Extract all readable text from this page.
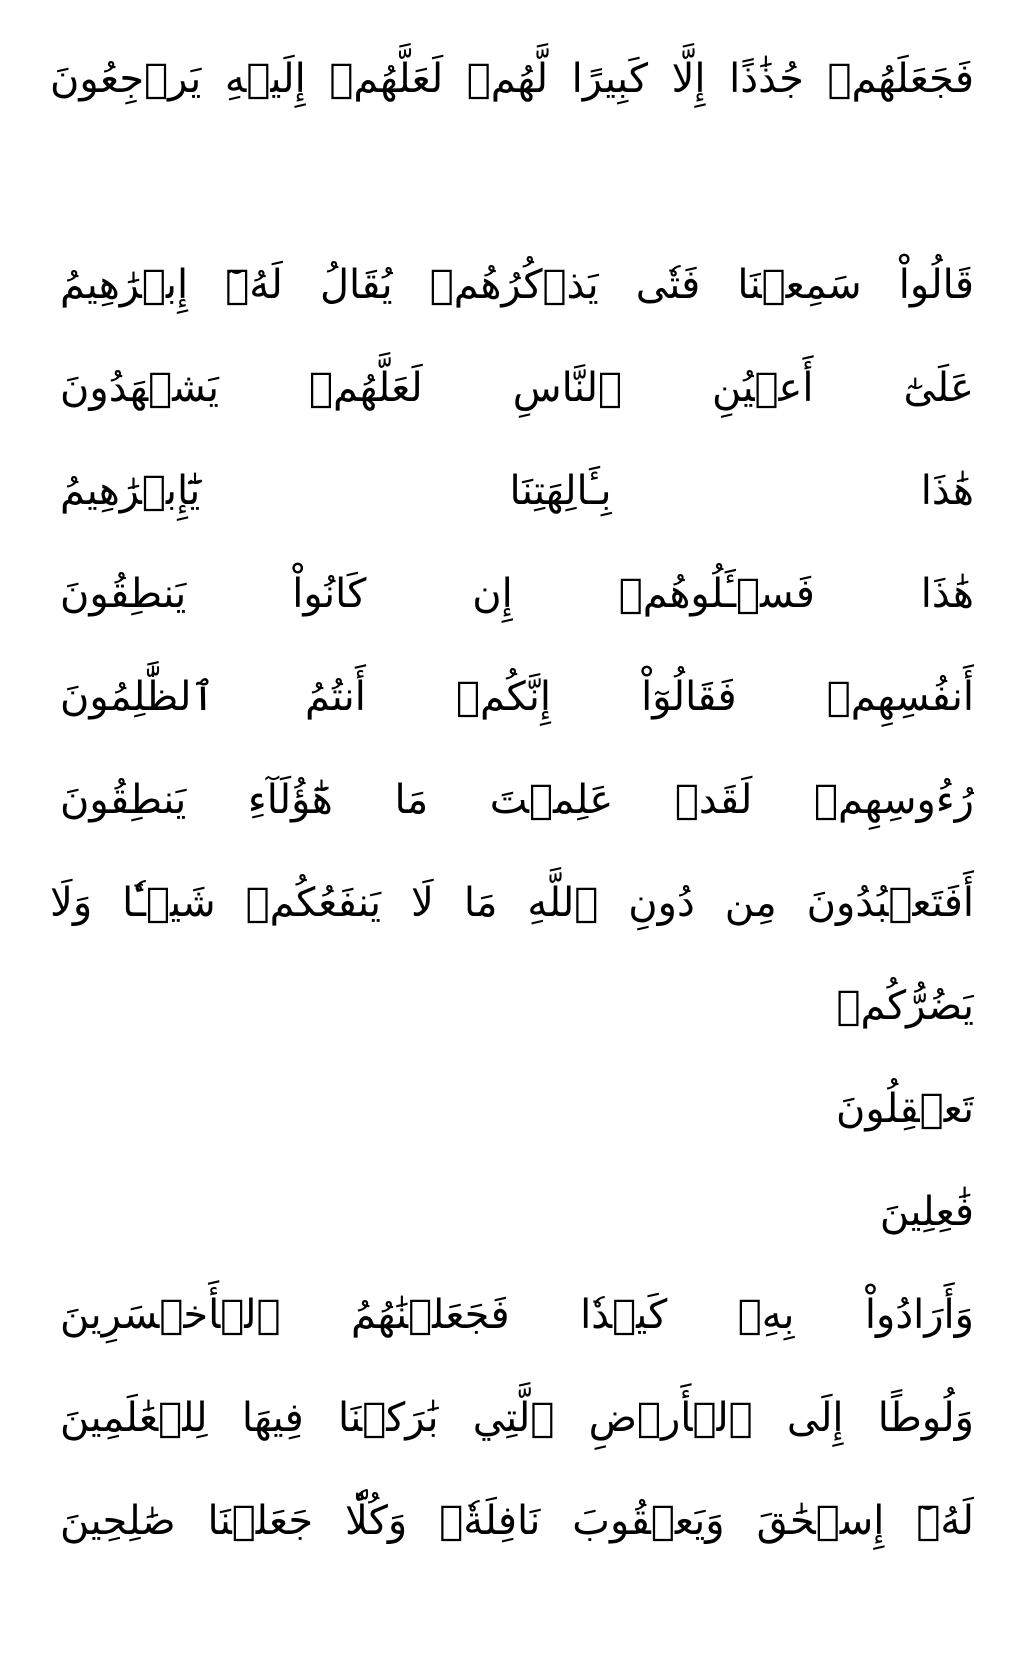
فَجَعَلَهُمۡ جُذَٰذًا إِلَّا كَبِيرًا لَّهُمۡ لَعَلَّهُمۡ إِلَيۡهِ يَرۡجِعُونَ
قَالُواْ سَمِعۡنَا فَتٗى يَذۡكُرُهُمۡ يُقَالُ لَهُۥٓ إِبۡرَٰهِيمُ
عَلَىٰٓ أَعۡيُنِ ٱلنَّاسِ لَعَلَّهُمۡ يَشۡهَدُونَ
هَٰذَا بِـَٔالِهَتِنَا يَٰٓإِبۡرَٰهِيمُ
هَٰذَا فَسۡـَٔلُوهُمۡ إِن كَانُواْ يَنطِقُونَ
أَنفُسِهِمۡ فَقَالُوٓاْ إِنَّكُمۡ أَنتُمُ ٱلظَّٰلِمُونَ
رُءُوسِهِمۡ لَقَدۡ عَلِمۡتَ مَا هَٰٓؤُلَآءِ يَنطِقُونَ
أَفَتَعۡبُدُونَ مِن دُونِ ٱللَّهِ مَا لَا يَنفَعُكُمۡ شَيۡـٔٗا وَلَا
يَضُرُّكُمۡ
تَعۡقِلُونَ
فَٰعِلِينَ
وَأَرَادُواْ بِهِۦ كَيۡدٗا فَجَعَلۡنَٰهُمُ ٱلۡأَخۡسَرِينَ
وَلُوطًا إِلَى ٱلۡأَرۡضِ ٱلَّتِي بَٰرَكۡنَا فِيهَا لِلۡعَٰلَمِينَ
لَهُۥٓ إِسۡحَٰقَ وَيَعۡقُوبَ نَافِلَةٗۖ وَكُلّٗا جَعَلۡنَا صَٰلِحِينَ
